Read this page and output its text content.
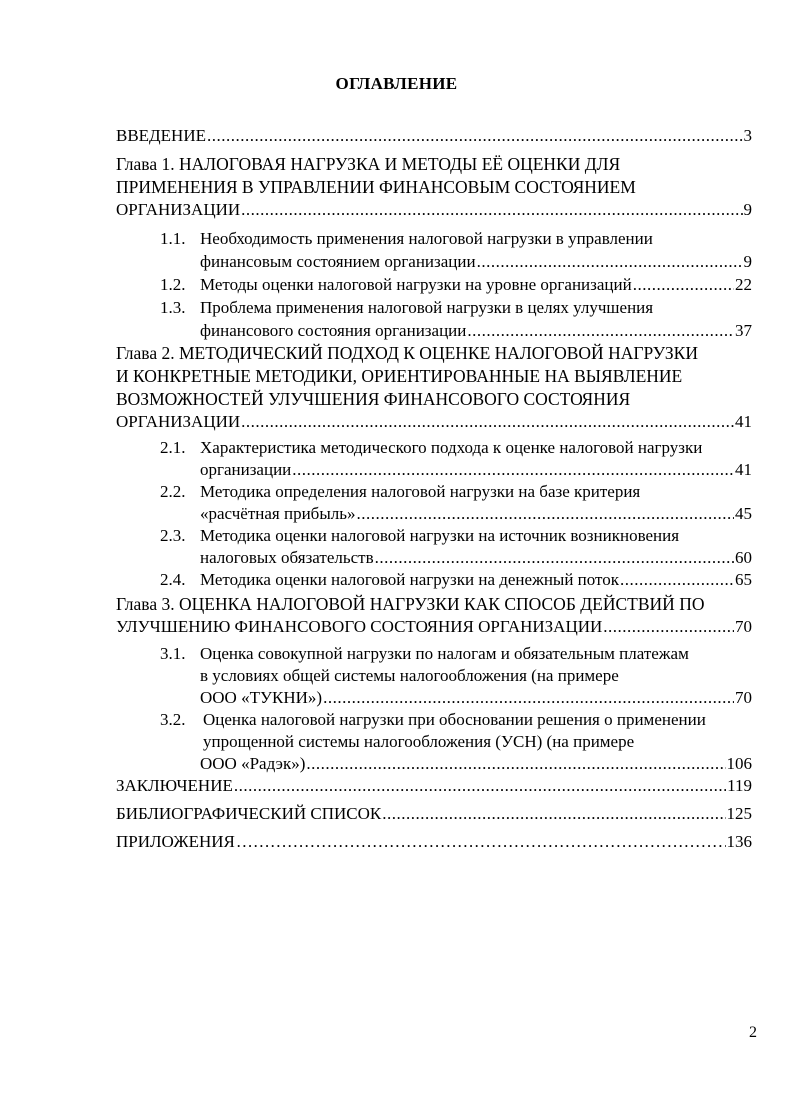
ОГЛАВЛЕНИЕ
ВВЕДЕНИЕ .....	3
Глава 1. НАЛОГОВАЯ НАГРУЗКА И МЕТОДЫ ЕЁ ОЦЕНКИ ДЛЯ
ПРИМЕНЕНИЯ В УПРАВЛЕНИИ ФИНАНСОВЫМ СОСТОЯНИЕМ
ОРГАНИЗАЦИИ .....	9
1.1. Необходимость применения налоговой нагрузки в управлении
финансовым состоянием организации .....	9
1.2. Методы оценки налоговой нагрузки на уровне организаций .....	22
1.3. Проблема применения налоговой нагрузки в целях улучшения
финансового состояния организации .....	37
Глава 2. МЕТОДИЧЕСКИЙ ПОДХОД К ОЦЕНКЕ НАЛОГОВОЙ НАГРУЗКИ
И КОНКРЕТНЫЕ МЕТОДИКИ, ОРИЕНТИРОВАННЫЕ НА ВЫЯВЛЕНИЕ
ВОЗМОЖНОСТЕЙ УЛУЧШЕНИЯ ФИНАНСОВОГО СОСТОЯНИЯ
ОРГАНИЗАЦИИ .....	41
2.1. Характеристика методического подхода к оценке налоговой нагрузки
организации .....	41
2.2. Методика определения налоговой нагрузки на базе критерия
«расчётная прибыль» .....	45
2.3. Методика оценки налоговой нагрузки на источник возникновения
налоговых обязательств .....	60
2.4. Методика оценки налоговой нагрузки на денежный поток .....	65
Глава 3. ОЦЕНКА НАЛОГОВОЙ НАГРУЗКИ КАК СПОСОБ ДЕЙСТВИЙ ПО
УЛУЧШЕНИЮ ФИНАНСОВОГО СОСТОЯНИЯ ОРГАНИЗАЦИИ .....	70
3.1. Оценка совокупной нагрузки по налогам и обязательным платежам
в условиях общей системы налогообложения (на примере
ООО «ТУКНИ») .....	70
3.2. Оценка налоговой нагрузки при обосновании решения о применении
упрощенной системы налогообложения (УСН) (на примере
ООО «Радэк») .....	106
ЗАКЛЮЧЕНИЕ .....	119
БИБЛИОГРАФИЧЕСКИЙ СПИСОК .....	125
ПРИЛОЖЕНИЯ …………………………………………………………………………………………………………………………………………………………………………………………………………………………………	136
2
